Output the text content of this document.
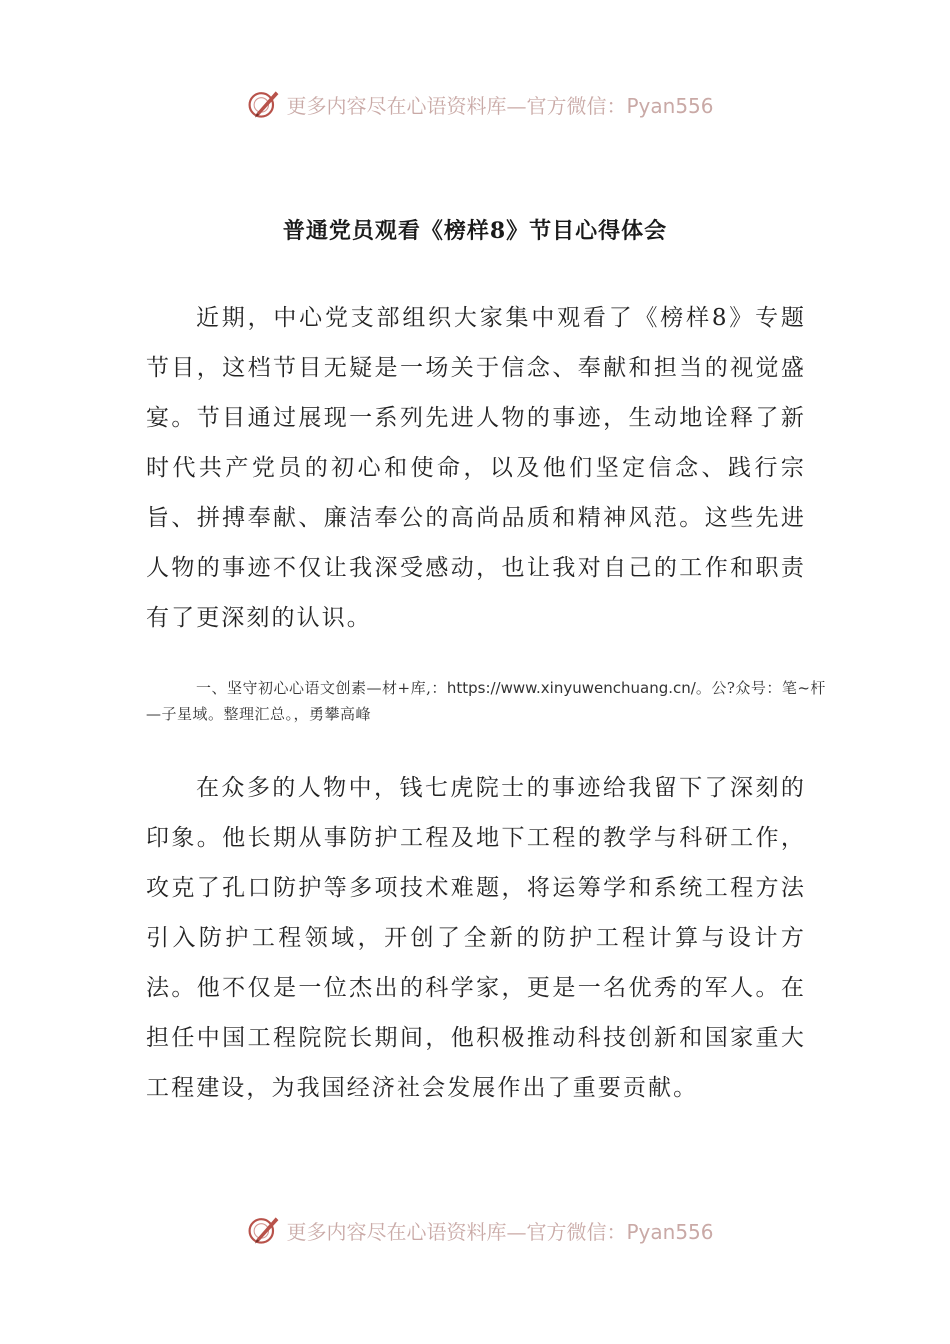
更多内容尽在心语资料库—官方微信：Pyan556
普通党员观看《榜样8》节目心得体会

近期，中心党支部组织大家集中观看了《榜样8》专题节目，这档节目无疑是一场关于信念、奉献和担当的视觉盛宴。节目通过展现一系列先进人物的事迹，生动地诠释了新时代共产党员的初心和使命，以及他们坚定信念、践行宗旨、拼搏奉献、廉洁奉公的高尚品质和精神风范。这些先进人物的事迹不仅让我深受感动，也让我对自己的工作和职责有了更深刻的认识。

一、坚守初心心语文创素—材+库,：https://www.xinyuwenchuang.cn/。公?众号：笔~杆—子星域。整理汇总。，勇攀高峰

在众多的人物中，钱七虎院士的事迹给我留下了深刻的印象。他长期从事防护工程及地下工程的教学与科研工作，攻克了孔口防护等多项技术难题，将运筹学和系统工程方法引入防护工程领域，开创了全新的防护工程计算与设计方法。他不仅是一位杰出的科学家，更是一名优秀的军人。在担任中国工程院院长期间，他积极推动科技创新和国家重大工程建设，为我国经济社会发展作出了重要贡献。

更多内容尽在心语资料库—官方微信：Pyan556
